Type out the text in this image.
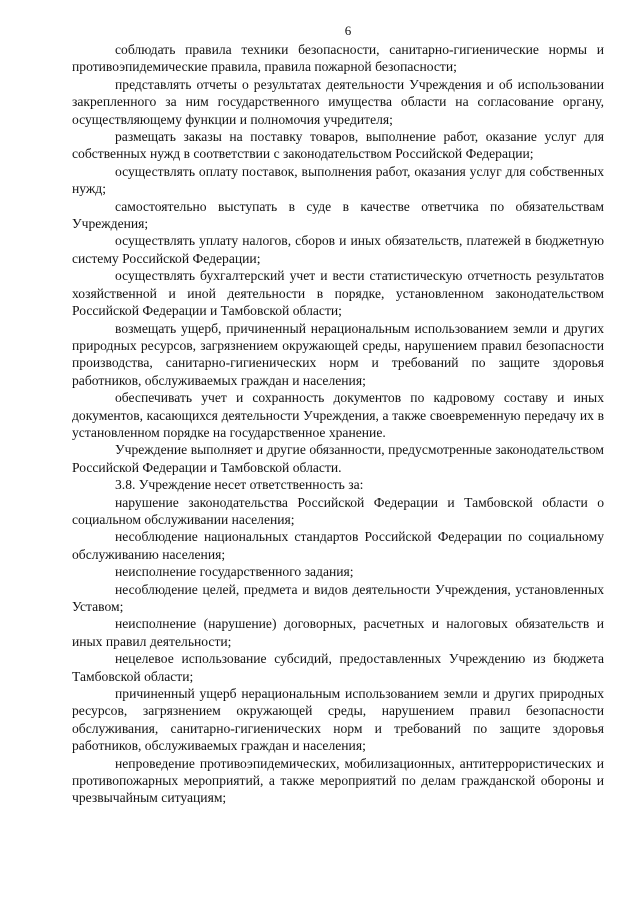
6

соблюдать правила техники безопасности, санитарно-гигиенические нормы и противоэпидемические правила, правила пожарной безопасности;

представлять отчеты о результатах деятельности Учреждения и об использовании закрепленного за ним государственного имущества области на согласование органу, осуществляющему функции и полномочия учредителя;

размещать заказы на поставку товаров, выполнение работ, оказание услуг для собственных нужд в соответствии с законодательством Российской Федерации;

осуществлять оплату поставок, выполнения работ, оказания услуг для собственных нужд;

самостоятельно выступать в суде в качестве ответчика по обязательствам Учреждения;

осуществлять уплату налогов, сборов и иных обязательств, платежей в бюджетную систему Российской Федерации;

осуществлять бухгалтерский учет и вести статистическую отчетность результатов хозяйственной и иной деятельности в порядке, установленном законодательством Российской Федерации и Тамбовской области;

возмещать ущерб, причиненный нерациональным использованием земли и других природных ресурсов, загрязнением окружающей среды, нарушением правил безопасности производства, санитарно-гигиенических норм и требований по защите здоровья работников, обслуживаемых граждан и населения;

обеспечивать учет и сохранность документов по кадровому составу и иных документов, касающихся деятельности Учреждения, а также своевременную передачу их в установленном порядке на государственное хранение.

Учреждение выполняет и другие обязанности, предусмотренные законодательством Российской Федерации и Тамбовской области.

3.8. Учреждение несет ответственность за:

нарушение законодательства Российской Федерации и Тамбовской области о социальном обслуживании населения;

несоблюдение национальных стандартов Российской Федерации по социальному обслуживанию населения;

неисполнение государственного задания;

несоблюдение целей, предмета и видов деятельности Учреждения, установленных Уставом;

неисполнение (нарушение) договорных, расчетных и налоговых обязательств и иных правил деятельности;

нецелевое использование субсидий, предоставленных Учреждению из бюджета Тамбовской области;

причиненный ущерб нерациональным использованием земли и других природных ресурсов, загрязнением окружающей среды, нарушением правил безопасности обслуживания, санитарно-гигиенических норм и требований по защите здоровья работников, обслуживаемых граждан и населения;

непроведение противоэпидемических, мобилизационных, антитеррористических и противопожарных мероприятий, а также мероприятий по делам гражданской обороны и чрезвычайным ситуациям;
